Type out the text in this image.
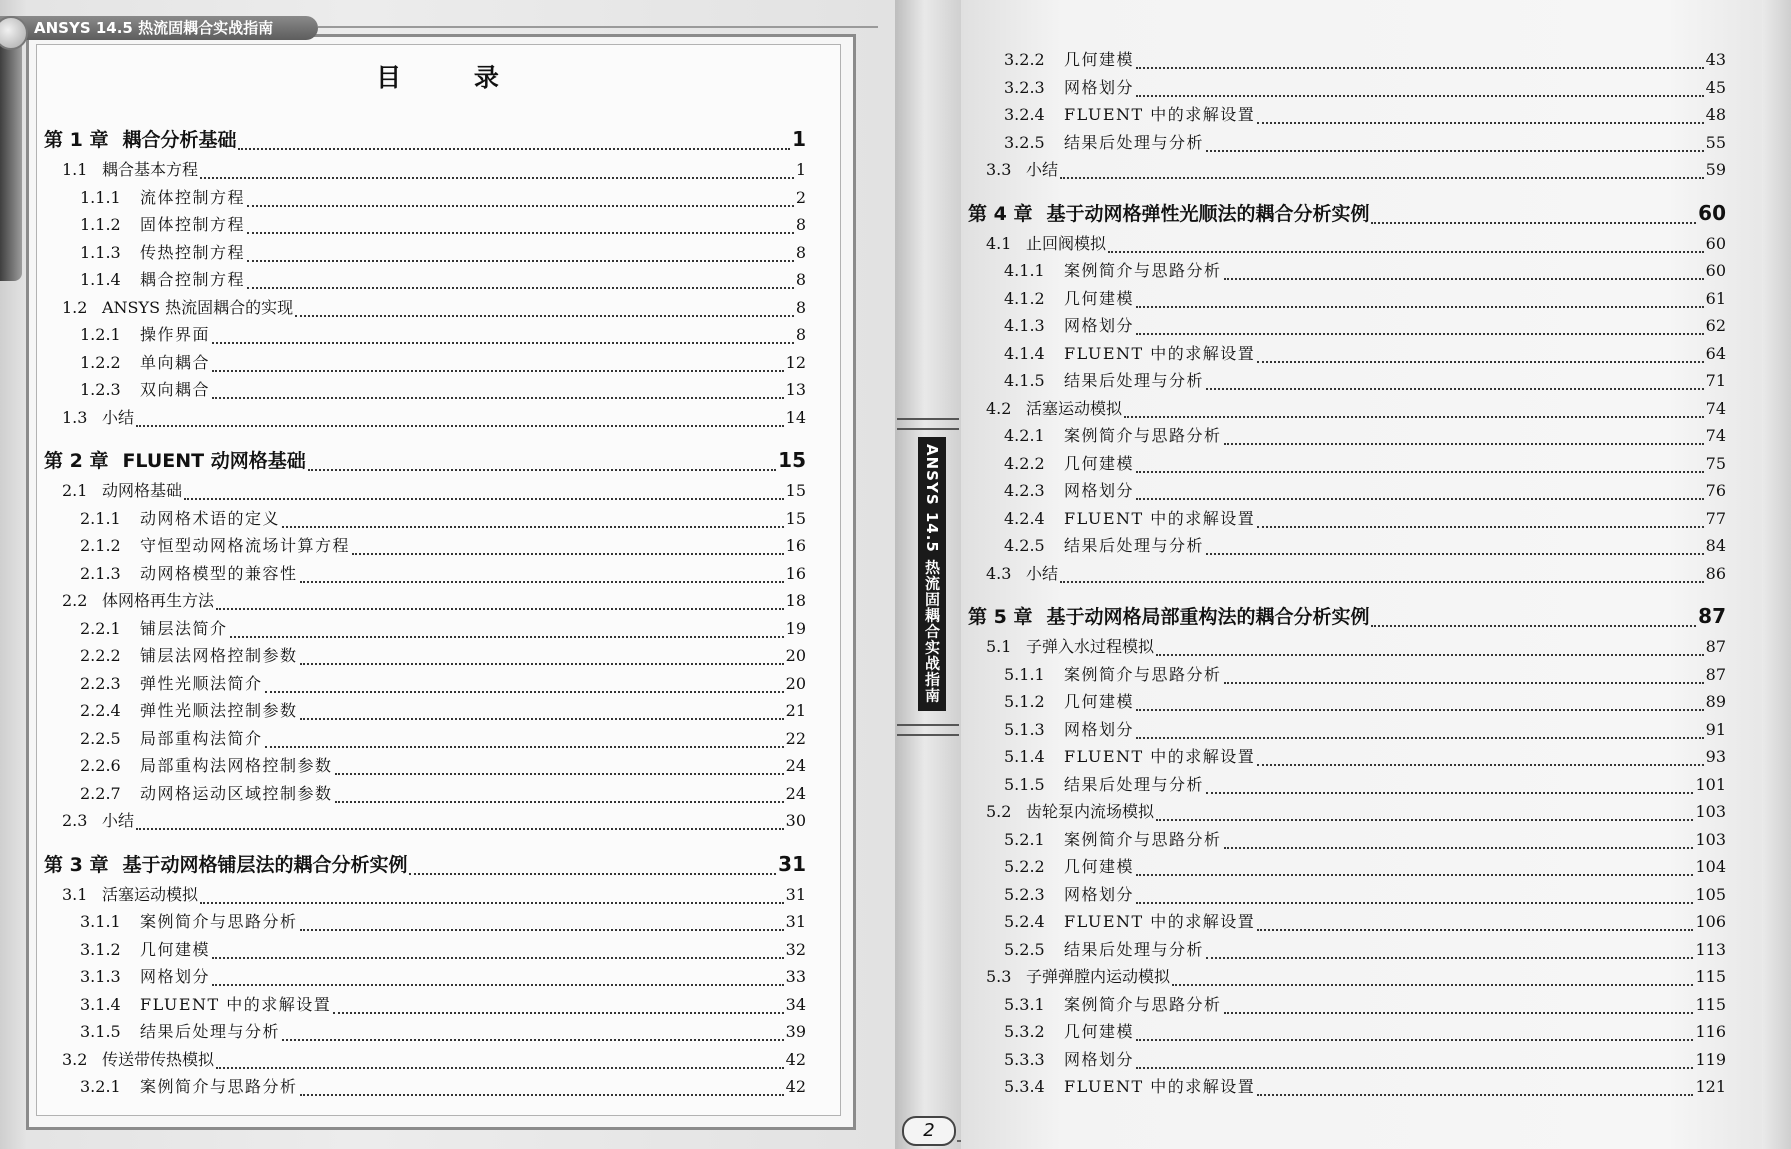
ANSYS 14.5 热流固耦合实战指南
目 录
ANSYS 14.5 热流固耦合实战指南
2
第 1 章 耦合分析基础	1
1.1 耦合基本方程	1
1.1.1	流体控制方程	2
1.1.2	固体控制方程	8
1.1.3	传热控制方程	8
1.1.4	耦合控制方程	8
1.2 ANSYS 热流固耦合的实现	8
1.2.1	操作界面	8
1.2.2	单向耦合	12
1.2.3	双向耦合	13
1.3 小结	14
第 2 章 FLUENT 动网格基础	15
2.1 动网格基础	15
2.1.1	动网格术语的定义	15
2.1.2	守恒型动网格流场计算方程	16
2.1.3	动网格模型的兼容性	16
2.2 体网格再生方法	18
2.2.1	铺层法简介	19
2.2.2	铺层法网格控制参数	20
2.2.3	弹性光顺法简介	20
2.2.4	弹性光顺法控制参数	21
2.2.5	局部重构法简介	22
2.2.6	局部重构法网格控制参数	24
2.2.7	动网格运动区域控制参数	24
2.3 小结	30
第 3 章 基于动网格铺层法的耦合分析实例	31
3.1 活塞运动模拟	31
3.1.1	案例简介与思路分析	31
3.1.2	几何建模	32
3.1.3	网格划分	33
3.1.4	FLUENT 中的求解设置	34
3.1.5	结果后处理与分析	39
3.2 传送带传热模拟	42
3.2.1	案例简介与思路分析	42
3.2.2	几何建模	43
3.2.3	网格划分	45
3.2.4	FLUENT 中的求解设置	48
3.2.5	结果后处理与分析	55
3.3 小结	59
第 4 章 基于动网格弹性光顺法的耦合分析实例	60
4.1 止回阀模拟	60
4.1.1	案例简介与思路分析	60
4.1.2	几何建模	61
4.1.3	网格划分	62
4.1.4	FLUENT 中的求解设置	64
4.1.5	结果后处理与分析	71
4.2 活塞运动模拟	74
4.2.1	案例简介与思路分析	74
4.2.2	几何建模	75
4.2.3	网格划分	76
4.2.4	FLUENT 中的求解设置	77
4.2.5	结果后处理与分析	84
4.3 小结	86
第 5 章 基于动网格局部重构法的耦合分析实例	87
5.1 子弹入水过程模拟	87
5.1.1	案例简介与思路分析	87
5.1.2	几何建模	89
5.1.3	网格划分	91
5.1.4	FLUENT 中的求解设置	93
5.1.5	结果后处理与分析	101
5.2 齿轮泵内流场模拟	103
5.2.1	案例简介与思路分析	103
5.2.2	几何建模	104
5.2.3	网格划分	105
5.2.4	FLUENT 中的求解设置	106
5.2.5	结果后处理与分析	113
5.3 子弹弹膛内运动模拟	115
5.3.1	案例简介与思路分析	115
5.3.2	几何建模	116
5.3.3	网格划分	119
5.3.4	FLUENT 中的求解设置	121
